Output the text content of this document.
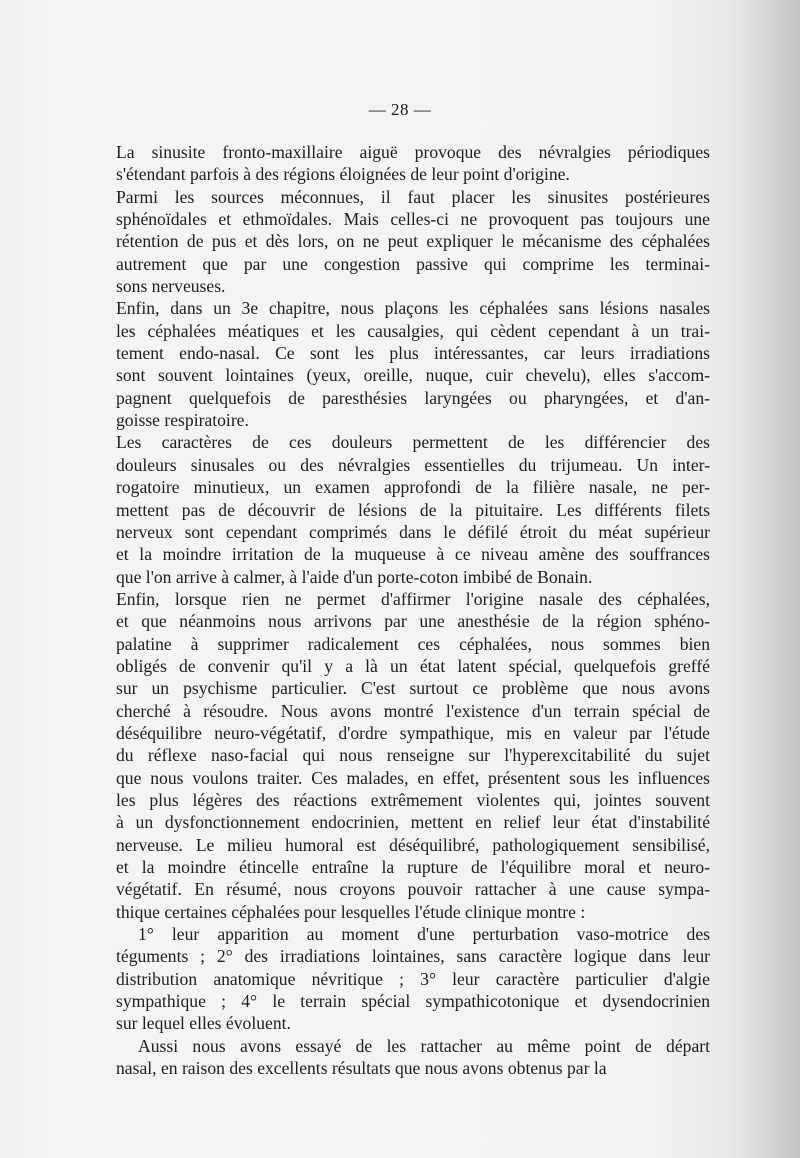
— 28 —
La sinusite fronto-maxillaire aiguë provoque des névralgies périodiques
s'étendant parfois à des régions éloignées de leur point d'origine.
Parmi les sources méconnues, il faut placer les sinusites postérieures
sphénoïdales et ethmoïdales. Mais celles-ci ne provoquent pas toujours une
rétention de pus et dès lors, on ne peut expliquer le mécanisme des céphalées
autrement que par une congestion passive qui comprime les terminai-
sons nerveuses.
Enfin, dans un 3e chapitre, nous plaçons les céphalées sans lésions nasales
les céphalées méatiques et les causalgies, qui cèdent cependant à un trai-
tement endo-nasal. Ce sont les plus intéressantes, car leurs irradiations
sont souvent lointaines (yeux, oreille, nuque, cuir chevelu), elles s'accom-
pagnent quelquefois de paresthésies laryngées ou pharyngées, et d'an-
goisse respiratoire.
Les caractères de ces douleurs permettent de les différencier des
douleurs sinusales ou des névralgies essentielles du trijumeau. Un inter-
rogatoire minutieux, un examen approfondi de la filière nasale, ne per-
mettent pas de découvrir de lésions de la pituitaire. Les différents filets
nerveux sont cependant comprimés dans le défilé étroit du méat supérieur
et la moindre irritation de la muqueuse à ce niveau amène des souffrances
que l'on arrive à calmer, à l'aide d'un porte-coton imbibé de Bonain.
Enfin, lorsque rien ne permet d'affirmer l'origine nasale des céphalées,
et que néanmoins nous arrivons par une anesthésie de la région sphéno-
palatine à supprimer radicalement ces céphalées, nous sommes bien
obligés de convenir qu'il y a là un état latent spécial, quelquefois greffé
sur un psychisme particulier. C'est surtout ce problème que nous avons
cherché à résoudre. Nous avons montré l'existence d'un terrain spécial de
déséquilibre neuro-végétatif, d'ordre sympathique, mis en valeur par l'étude
du réflexe naso-facial qui nous renseigne sur l'hyperexcitabilité du sujet
que nous voulons traiter. Ces malades, en effet, présentent sous les influences
les plus légères des réactions extrêmement violentes qui, jointes souvent
à un dysfonctionnement endocrinien, mettent en relief leur état d'instabilité
nerveuse. Le milieu humoral est déséquilibré, pathologiquement sensibilisé,
et la moindre étincelle entraîne la rupture de l'équilibre moral et neuro-
végétatif. En résumé, nous croyons pouvoir rattacher à une cause sympa-
thique certaines céphalées pour lesquelles l'étude clinique montre :
1° leur apparition au moment d'une perturbation vaso-motrice des
téguments ; 2° des irradiations lointaines, sans caractère logique dans leur
distribution anatomique névritique ; 3° leur caractère particulier d'algie
sympathique ; 4° le terrain spécial sympathicotonique et dysendocrinien
sur lequel elles évoluent.
Aussi nous avons essayé de les rattacher au même point de départ
nasal, en raison des excellents résultats que nous avons obtenus par la
